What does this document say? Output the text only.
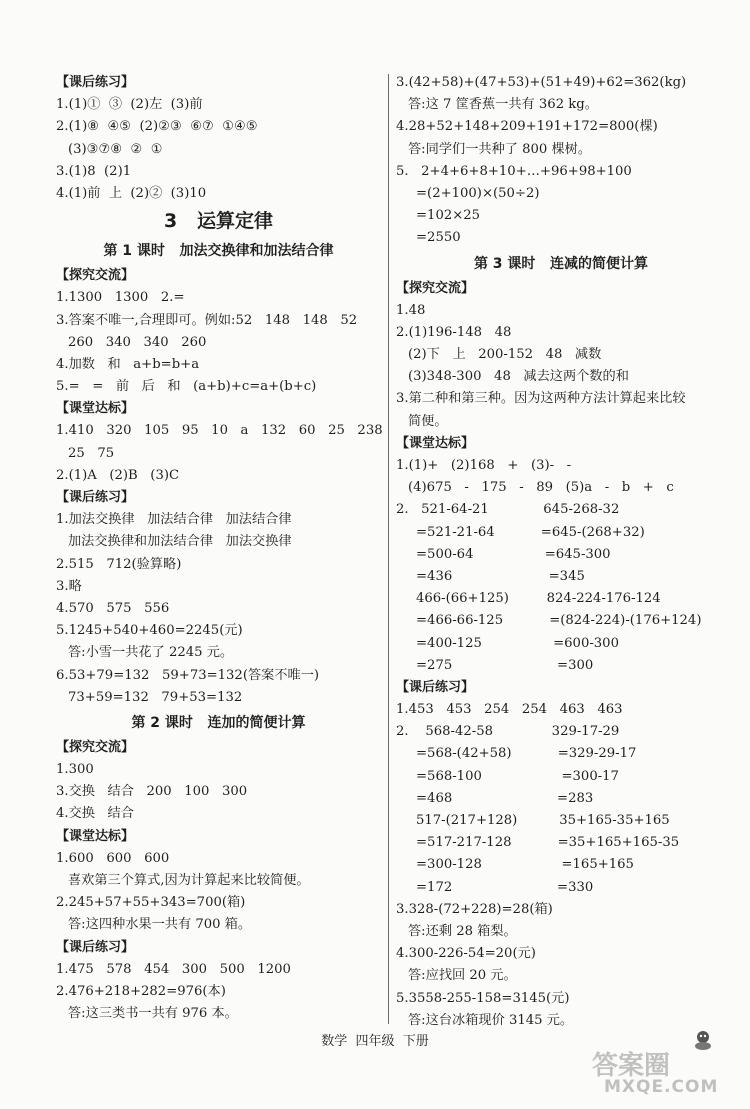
【课后练习】
1.(1)①  ③  (2)左  (3)前
2.(1)⑧  ④⑤  (2)②③  ⑥⑦  ①④⑤
(3)③⑦⑧  ②  ①
3.(1)8  (2)1
4.(1)前  上  (2)②  (3)10
3   运算定律
第 1 课时   加法交换律和加法结合律
【探究交流】
1.1300   1300   2.=
3.答案不唯一,合理即可。例如:52   148   148   52
260   340   340   260
4.加数   和   a+b=b+a
5.=   =   前   后   和   (a+b)+c=a+(b+c)
【课堂达标】
1.410   320   105   95   10   a   132   60   25   238
25   75
2.(1)A   (2)B   (3)C
【课后练习】
1.加法交换律   加法结合律   加法结合律
加法交换律和加法结合律   加法交换律
2.515   712(验算略)
3.略
4.570   575   556
5.1245+540+460=2245(元)
答:小雪一共花了 2245 元。
6.53+79=132   59+73=132(答案不唯一)
73+59=132   79+53=132
第 2 课时   连加的简便计算
【探究交流】
1.300
3.交换   结合   200   100   300
4.交换   结合
【课堂达标】
1.600   600   600
喜欢第三个算式,因为计算起来比较简便。
2.245+57+55+343=700(箱)
答:这四种水果一共有 700 箱。
【课后练习】
1.475   578   454   300   500   1200
2.476+218+282=976(本)
答:这三类书一共有 976 本。
3.(42+58)+(47+53)+(51+49)+62=362(kg)
答:这 7 筐香蕉一共有 362 kg。
4.28+52+148+209+191+172=800(棵)
答:同学们一共种了 800 棵树。
5.   2+4+6+8+10+…+96+98+100
=(2+100)×(50÷2)
=102×25
=2550
第 3 课时   连减的简便计算
【探究交流】
1.48
2.(1)196-148   48
(2)下   上   200-152   48   减数
(3)348-300   48   减去这两个数的和
3.第二种和第三种。因为这两种方法计算起来比较
简便。
【课堂达标】
1.(1)+   (2)168   +   (3)-   -
(4)675   -   175   -   89   (5)a   -   b   +   c
2.   521-64-21             645-268-32
=521-21-64           =645-(268+32)
=500-64                 =645-300
=436                       =345
466-(66+125)         824-224-176-124
=466-66-125           =(824-224)-(176+124)
=400-125                 =600-300
=275                         =300
【课后练习】
1.453   453   254   254   463   463
2.    568-42-58              329-17-29
=568-(42+58)           =329-29-17
=568-100                   =300-17
=468                         =283
517-(217+128)          35+165-35+165
=517-217-128           =35+165+165-35
=300-128                   =165+165
=172                         =330
3.328-(72+228)=28(箱)
答:还剩 28 箱梨。
4.300-226-54=20(元)
答:应找回 20 元。
5.3558-255-158=3145(元)
答:这台冰箱现价 3145 元。
数学  四年级  下册
答案圈
MXQE.COM
